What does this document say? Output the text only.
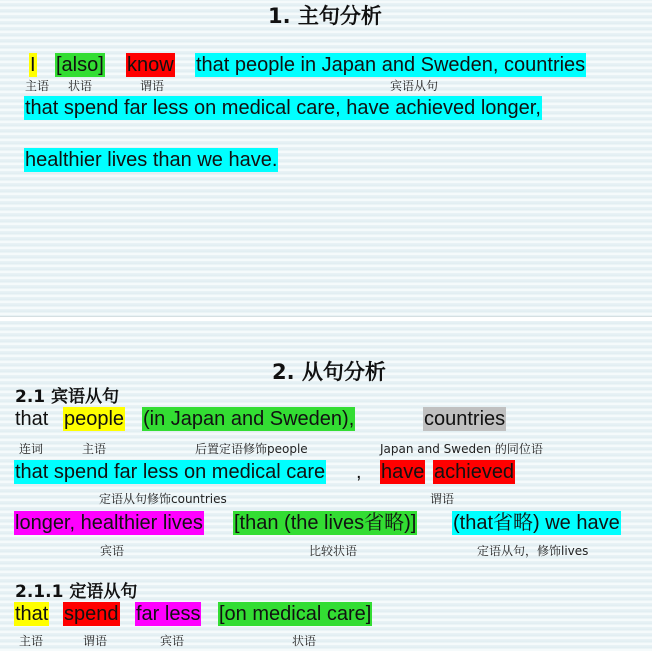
1. 主句分析
I [also] know that people in Japan and Sweden, countries
主语 状语	谓语	宾语从句
that spend far less on medical care, have achieved longer,
healthier lives than we have.
2. 从句分析
2.1 宾语从句
that people (in Japan and Sweden),	countries
连词	主语	后置定语修饰people	Japan and Sweden 的同位语
that spend far less on medical care , have achieved
定语从句修饰countries	谓语
longer, healthier lives [than (the lives省略)] (that省略) we have
宾语	比较状语	定语从句，修饰lives
2.1.1 定语从句
that spend far less [on medical care]
主语	谓语	宾语	状语
